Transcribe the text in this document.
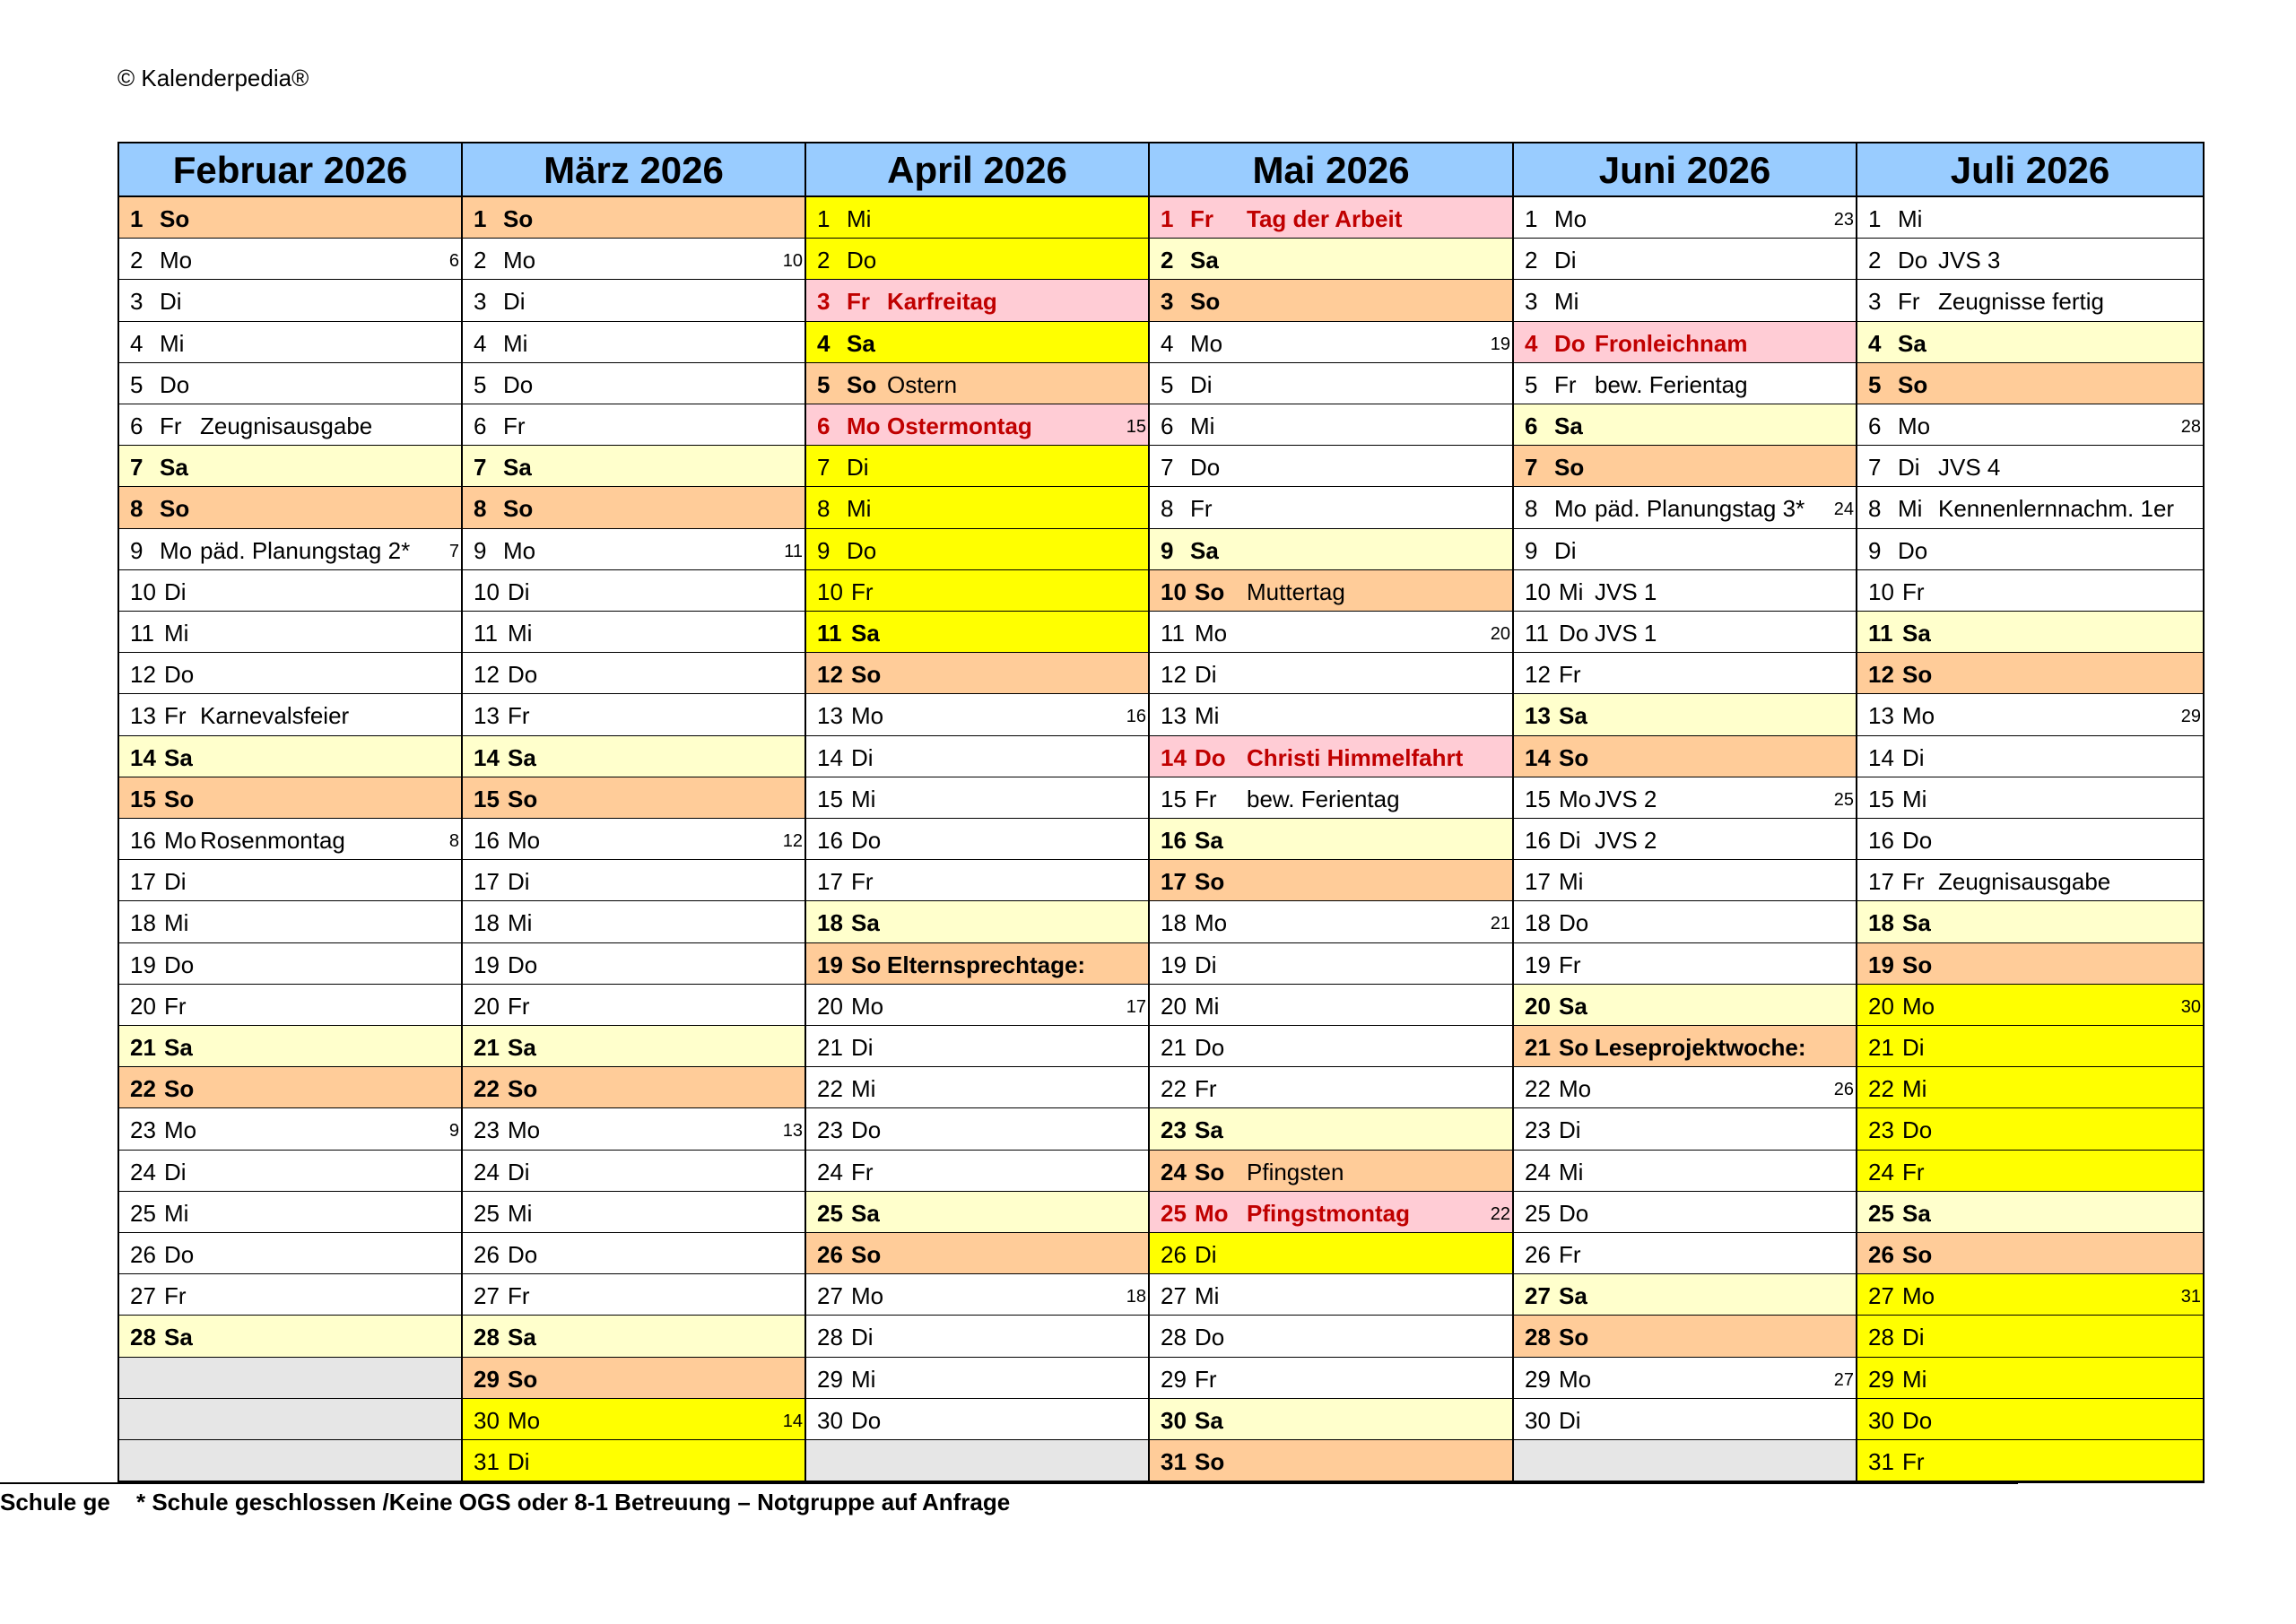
© Kalenderpedia®
Februar 2026
1 So
2 Mo	6
3 Di
4 Mi
5 Do
6 Fr Zeugnisausgabe
7 Sa
8 So
9 Mo päd. Planungstag 2* 7
10 Di
11 Mi
12 Do
13 Fr Karnevalsfeier
14 Sa
15 So
16 Mo Rosenmontag	8
17 Di
18 Mi
19 Do
20 Fr
21 Sa
22 So
23 Mo	9
24 Di
25 Mi
26 Do
27 Fr
28 Sa
März 2026
1 So
2 Mo	10
3 Di
4 Mi
5 Do
6 Fr
7 Sa
8 So
9 Mo	11
10 Di
11 Mi
12 Do
13 Fr
14 Sa
15 So
16 Mo	12
17 Di
18 Mi
19 Do
20 Fr
21 Sa
22 So
23 Mo	13
24 Di
25 Mi
26 Do
27 Fr
28 Sa
29 So
30 Mo	14
31 Di
April 2026
1 Mi
2 Do
3 Fr Karfreitag
4 Sa
5 So Ostern
6 Mo Ostermontag	15
7 Di
8 Mi
9 Do
10 Fr
11 Sa
12 So
13 Mo	16
14 Di
15 Mi
16 Do
17 Fr
18 Sa
19 So Elternsprechtage:
20 Mo	17
21 Di
22 Mi
23 Do
24 Fr
25 Sa
26 So
27 Mo	18
28 Di
29 Mi
30 Do
Mai 2026
1 Fr Tag der Arbeit
2 Sa
3 So
4 Mo	19
5 Di
6 Mi
7 Do
8 Fr
9 Sa
10 So Muttertag
11 Mo	20
12 Di
13 Mi
14 Do Christi Himmelfahrt
15 Fr bew. Ferientag
16 Sa
17 So
18 Mo	21
19 Di
20 Mi
21 Do
22 Fr
23 Sa
24 So Pfingsten
25 Mo Pfingstmontag	22
26 Di
27 Mi
28 Do
29 Fr
30 Sa
31 So
Juni 2026
1 Mo	23
2 Di
3 Mi
4 Do Fronleichnam
5 Fr bew. Ferientag
6 Sa
7 So
8 Mo päd. Planungstag 3* 24
9 Di
10 Mi JVS 1
11 Do JVS 1
12 Fr
13 Sa
14 So
15 Mo JVS 2	25
16 Di JVS 2
17 Mi
18 Do
19 Fr
20 Sa
21 So Leseprojektwoche:
22 Mo	26
23 Di
24 Mi
25 Do
26 Fr
27 Sa
28 So
29 Mo	27
30 Di
Juli 2026
1 Mi
2 Do JVS 3
3 Fr Zeugnisse fertig
4 Sa
5 So
6 Mo	28
7 Di JVS 4
8 Mi Kennenlernnachm. 1er
9 Do
10 Fr
11 Sa
12 So
13 Mo	29
14 Di
15 Mi
16 Do
17 Fr Zeugnisausgabe
18 Sa
19 So
20 Mo	30
21 Di
22 Mi
23 Do
24 Fr
25 Sa
26 So
27 Mo	31
28 Di
29 Mi
30 Do
31 Fr
Schule ge * Schule geschlossen /Keine OGS oder 8-1 Betreuung – Notgruppe auf Anfrage
